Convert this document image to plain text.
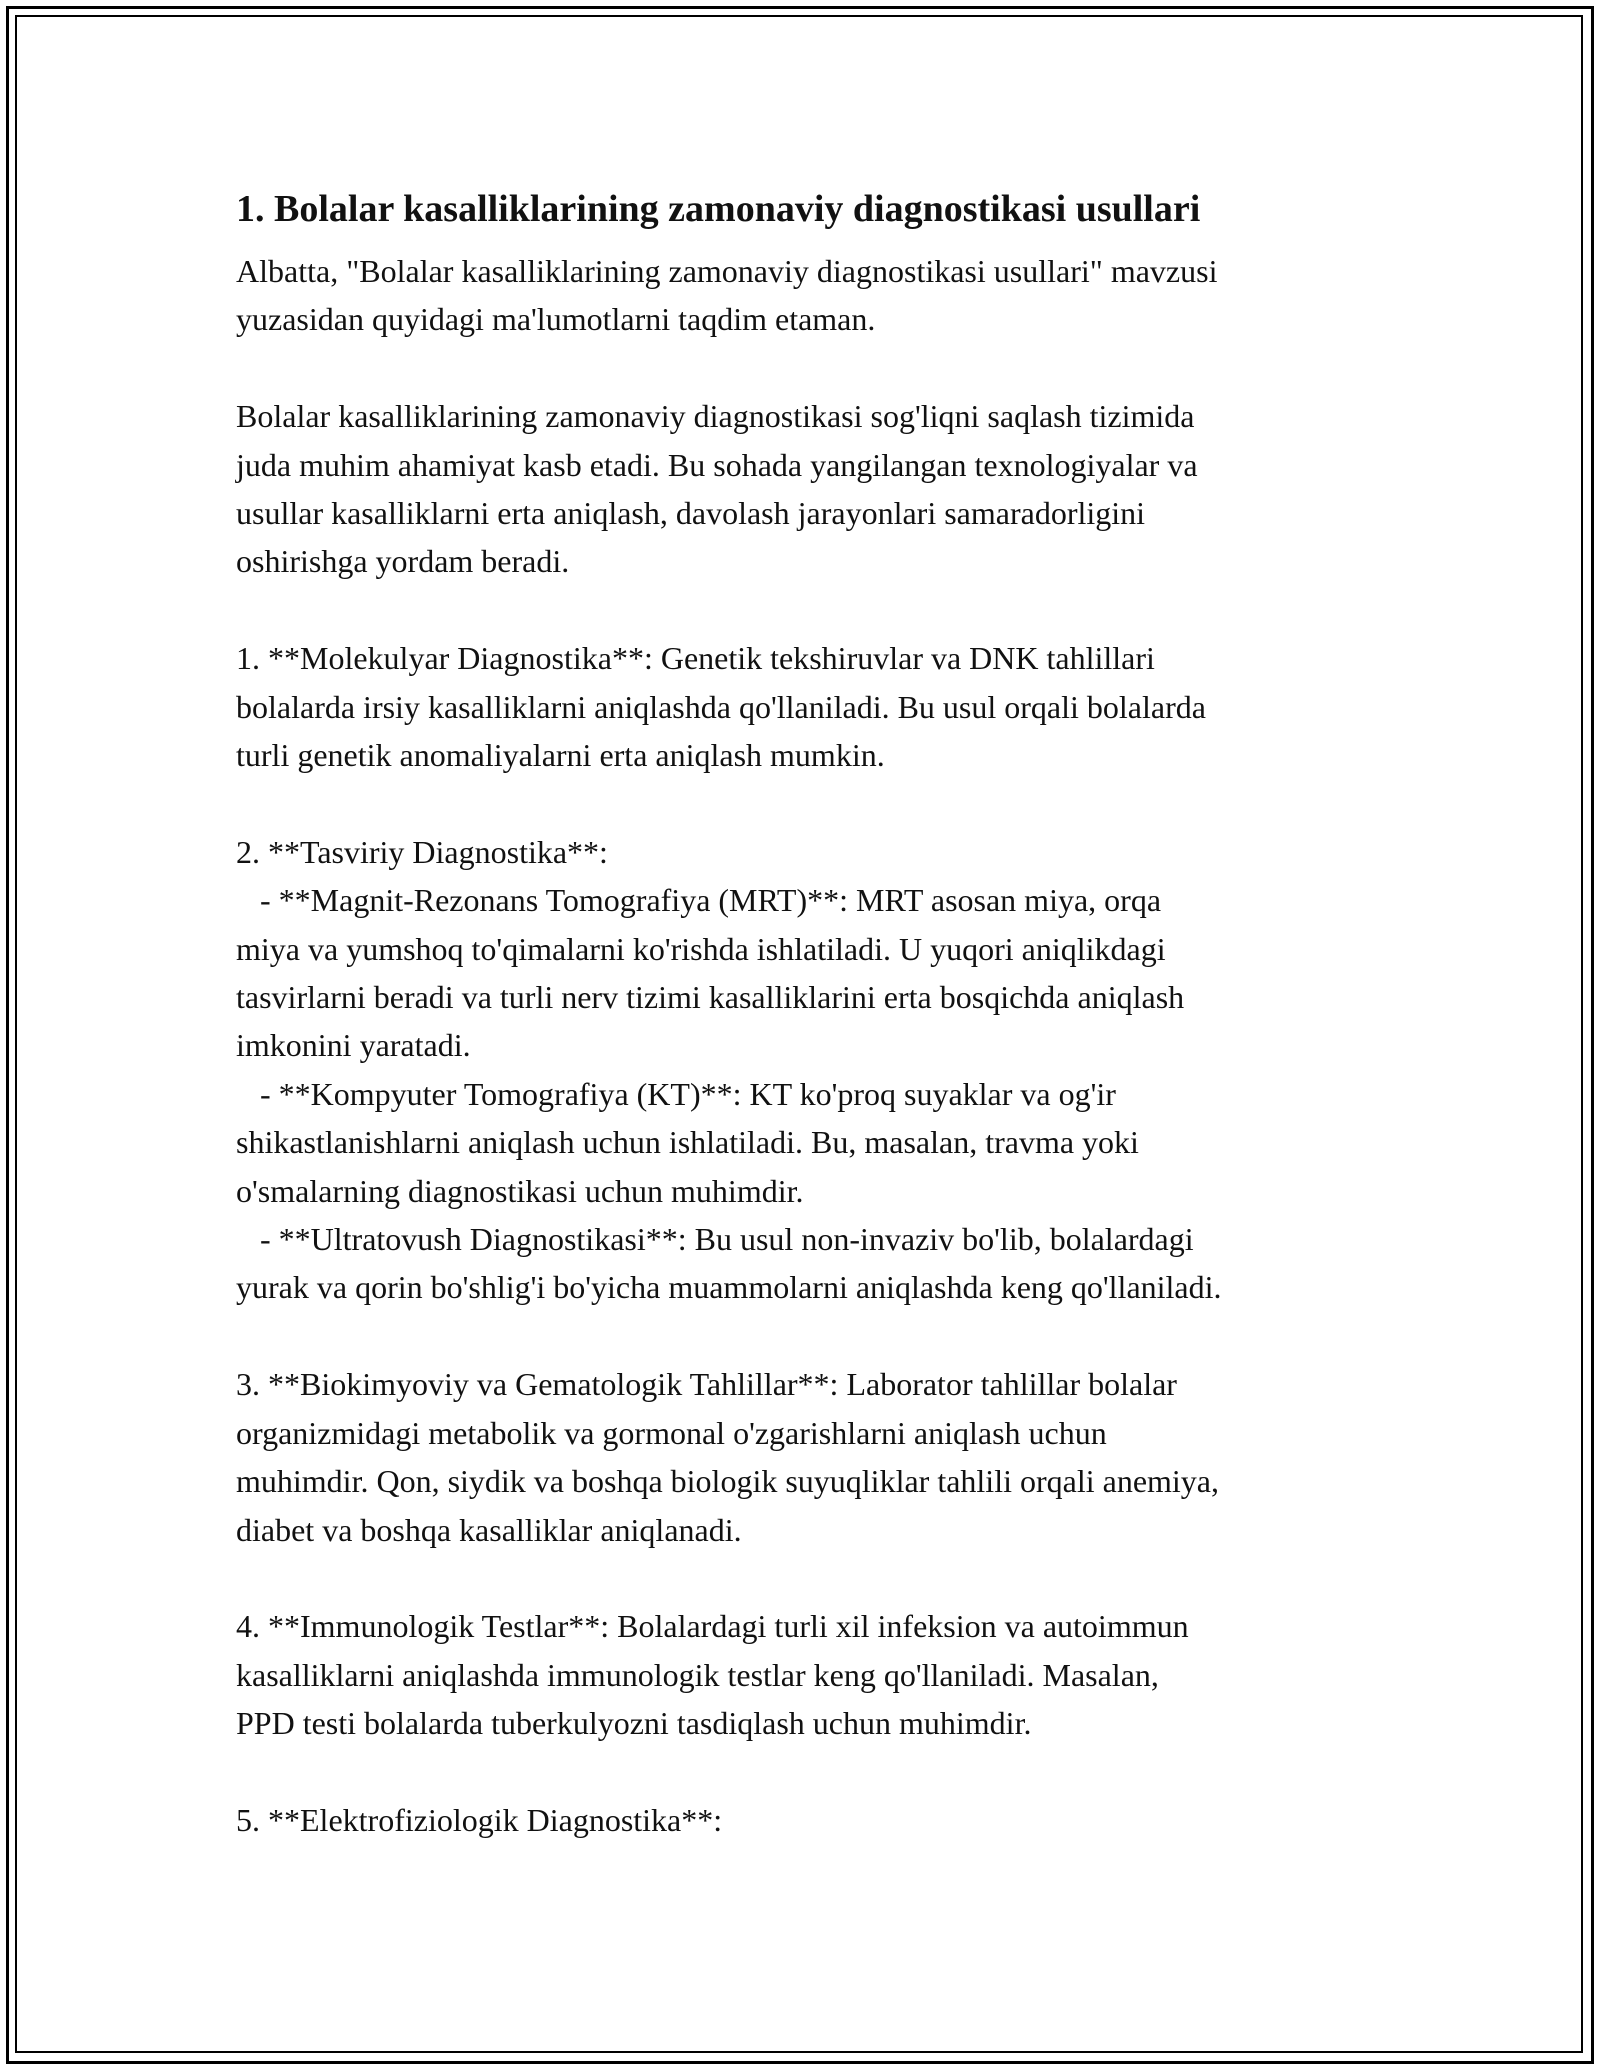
1. Bolalar kasalliklarining zamonaviy diagnostikasi usullari

Albatta, "Bolalar kasalliklarining zamonaviy diagnostikasi usullari" mavzusi

yuzasidan quyidagi ma'lumotlarni taqdim etaman.

Bolalar kasalliklarining zamonaviy diagnostikasi sog'liqni saqlash tizimida

juda muhim ahamiyat kasb etadi. Bu sohada yangilangan texnologiyalar va

usullar kasalliklarni erta aniqlash, davolash jarayonlari samaradorligini

oshirishga yordam beradi.

1. **Molekulyar Diagnostika**: Genetik tekshiruvlar va DNK tahlillari

bolalarda irsiy kasalliklarni aniqlashda qo'llaniladi. Bu usul orqali bolalarda

turli genetik anomaliyalarni erta aniqlash mumkin.

2. **Tasviriy Diagnostika**:

- **Magnit-Rezonans Tomografiya (MRT)**: MRT asosan miya, orqa

miya va yumshoq to'qimalarni ko'rishda ishlatiladi. U yuqori aniqlikdagi

tasvirlarni beradi va turli nerv tizimi kasalliklarini erta bosqichda aniqlash

imkonini yaratadi.

- **Kompyuter Tomografiya (KT)**: KT ko'proq suyaklar va og'ir

shikastlanishlarni aniqlash uchun ishlatiladi. Bu, masalan, travma yoki

o'smalarning diagnostikasi uchun muhimdir.

- **Ultratovush Diagnostikasi**: Bu usul non-invaziv bo'lib, bolalardagi

yurak va qorin bo'shlig'i bo'yicha muammolarni aniqlashda keng qo'llaniladi.

3. **Biokimyoviy va Gematologik Tahlillar**: Laborator tahlillar bolalar

organizmidagi metabolik va gormonal o'zgarishlarni aniqlash uchun

muhimdir. Qon, siydik va boshqa biologik suyuqliklar tahlili orqali anemiya,

diabet va boshqa kasalliklar aniqlanadi.

4. **Immunologik Testlar**: Bolalardagi turli xil infeksion va autoimmun

kasalliklarni aniqlashda immunologik testlar keng qo'llaniladi. Masalan,

PPD testi bolalarda tuberkulyozni tasdiqlash uchun muhimdir.

5. **Elektrofiziologik Diagnostika**:
